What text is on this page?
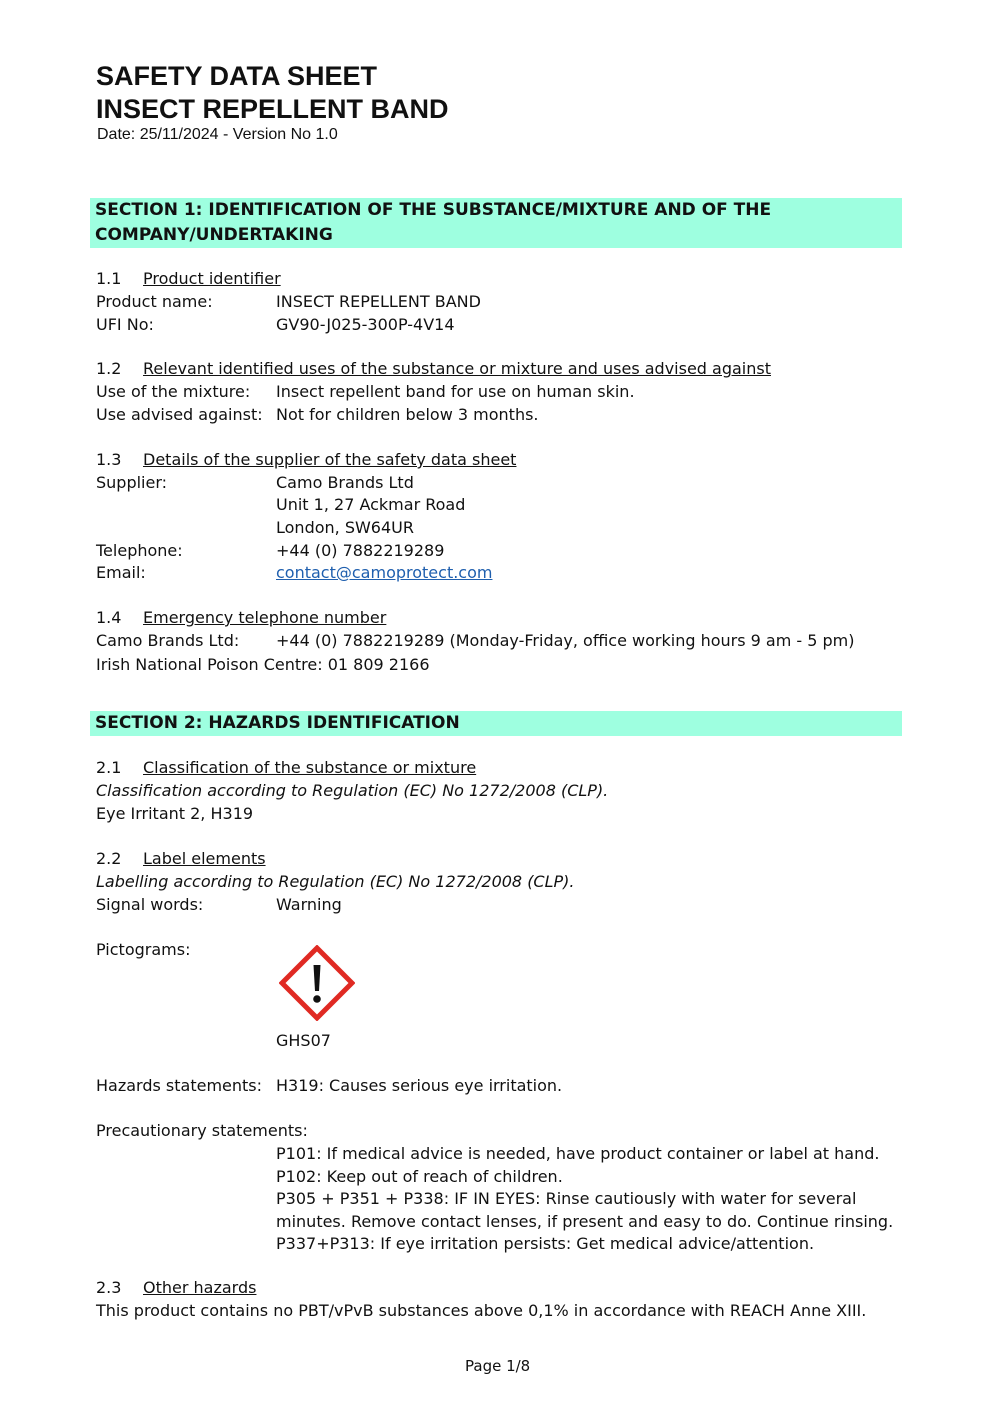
SAFETY DATA SHEET
INSECT REPELLENT BAND
Date: 25/11/2024 - Version No 1.0
SECTION 1: IDENTIFICATION OF THE SUBSTANCE/MIXTURE AND OF THE
COMPANY/UNDERTAKING
1.1 Product identifier
Product name:	INSECT REPELLENT BAND
UFI No:	GV90-J025-300P-4V14
1.2 Relevant identified uses of the substance or mixture and uses advised against
Use of the mixture: Insect repellent band for use on human skin.
Use advised against: Not for children below 3 months.
1.3 Details of the supplier of the safety data sheet
Supplier:	Camo Brands Ltd
Unit 1, 27 Ackmar Road
London, SW64UR
Telephone:	+44 (0) 7882219289
Email:	contact@camoprotect.com
1.4 Emergency telephone number
Camo Brands Ltd: +44 (0) 7882219289 (Monday-Friday, office working hours 9 am - 5 pm)
Irish National Poison Centre: 01 809 2166
SECTION 2: HAZARDS IDENTIFICATION
2.1 Classification of the substance or mixture
Classification according to Regulation (EC) No 1272/2008 (CLP).
Eye Irritant 2, H319
2.2 Label elements
Labelling according to Regulation (EC) No 1272/2008 (CLP).
Signal words:	Warning
Pictograms:
GHS07
Hazards statements: H319: Causes serious eye irritation.
Precautionary statements:
P101: If medical advice is needed, have product container or label at hand.
P102: Keep out of reach of children.
P305 + P351 + P338: IF IN EYES: Rinse cautiously with water for several
minutes. Remove contact lenses, if present and easy to do. Continue rinsing.
P337+P313: If eye irritation persists: Get medical advice/attention.
2.3 Other hazards
This product contains no PBT/vPvB substances above 0,1% in accordance with REACH Anne XIII.
Page 1/8
